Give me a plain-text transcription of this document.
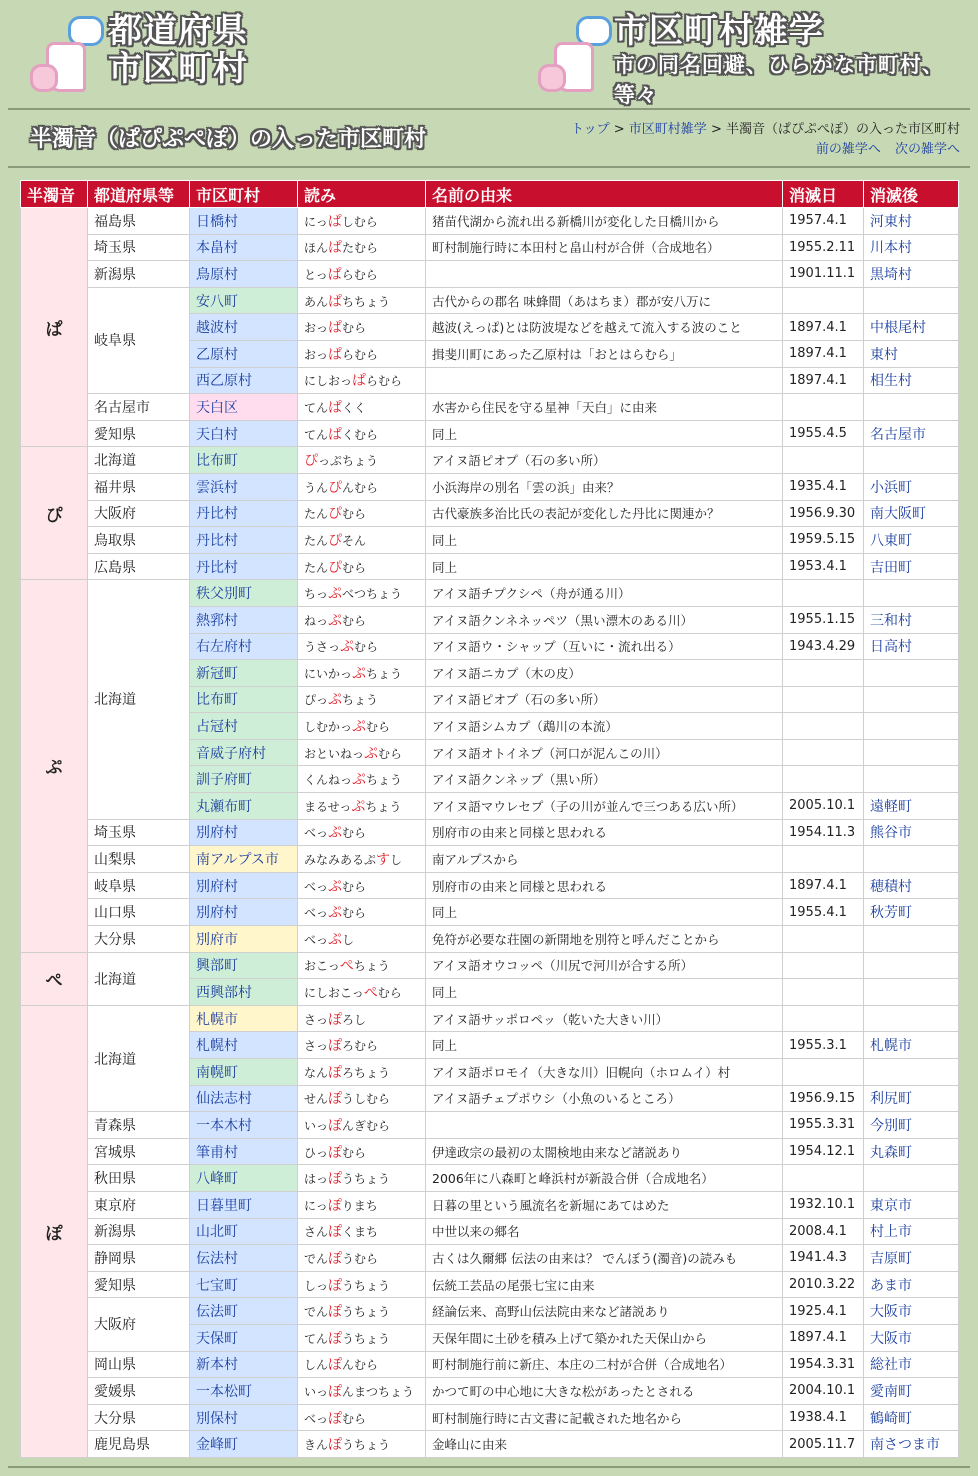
都道府県
市区町村
市区町村雑学
市の同名回避、ひらがな市町村、等々
半濁音（ぱぴぷぺぽ）の入った市区町村	トップ > 市区町村雑学 > 半濁音（ぱぴぷぺぽ）の入った市区町村
前の雑学へ 次の雑学へ
半濁音	都道府県等	市区町村	読み	名前の由来	消滅日	消滅後
ぱ	福島県	日橋村	にっぱしむら	猪苗代湖から流れ出る新橋川が変化した日橋川から	1957.4.1	河東村
	埼玉県	本畠村	ほんぱたむら	町村制施行時に本田村と畠山村が合併（合成地名）	1955.2.11	川本村
	新潟県	鳥原村	とっぱらむら		1901.11.1	黒埼村
	岐阜県	安八町	あんぱちちょう	古代からの郡名 味蜂間（あはちま）郡が安八万に		
		越波村	おっぱむら	越波(えっぱ)とは防波堤などを越えて流入する波のこと	1897.4.1	中根尾村
		乙原村	おっぱらむら	揖斐川町にあった乙原村は「おとはらむら」	1897.4.1	東村
		西乙原村	にしおっぱらむら		1897.4.1	相生村
	名古屋市	天白区	てんぱくく	水害から住民を守る星神「天白」に由来		
	愛知県	天白村	てんぱくむら	同上	1955.4.5	名古屋市
ぴ	北海道	比布町	ぴっぷちょう	アイヌ語ピオプ（石の多い所）		
	福井県	雲浜村	うんぴんむら	小浜海岸の別名「雲の浜」由来？	1935.4.1	小浜町
	大阪府	丹比村	たんぴむら	古代豪族多治比氏の表記が変化した丹比に関連か？	1956.9.30	南大阪町
	鳥取県	丹比村	たんぴそん	同上	1959.5.15	八東町
	広島県	丹比村	たんぴむら	同上	1953.4.1	吉田町
ぷ	北海道	秩父別町	ちっぷべつちょう	アイヌ語チプクシペ（舟が通る川）		
		熱郛村	ねっぷむら	アイヌ語クンネネッペツ（黒い漂木のある川）	1955.1.15	三和村
		右左府村	うさっぷむら	アイヌ語ウ・シャップ（互いに・流れ出る）	1943.4.29	日高村
		新冠町	にいかっぷちょう	アイヌ語ニカプ（木の皮）		
		比布町	ぴっぷちょう	アイヌ語ピオプ（石の多い所）		
		占冠村	しむかっぷむら	アイヌ語シムカプ（鵡川の本流）		
		音威子府村	おといねっぷむら	アイヌ語オトイネプ（河口が泥んこの川）		
		訓子府町	くんねっぷちょう	アイヌ語クンネップ（黒い所）		
		丸瀬布町	まるせっぷちょう	アイヌ語マウレセプ（子の川が並んで三つある広い所）	2005.10.1	遠軽町
	埼玉県	別府村	べっぷむら	別府市の由来と同様と思われる	1954.11.3	熊谷市
	山梨県	南アルプス市	みなみあるぷすし	南アルプスから		
	岐阜県	別府村	べっぷむら	別府市の由来と同様と思われる	1897.4.1	穂積村
	山口県	別府村	べっぷむら	同上	1955.4.1	秋芳町
	大分県	別府市	べっぷし	免符が必要な荘園の新開地を別符と呼んだことから		
ぺ	北海道	興部町	おこっぺちょう	アイヌ語オウコッペ（川尻で河川が合する所）		
		西興部村	にしおこっぺむら	同上		
ぽ	北海道	札幌市	さっぽろし	アイヌ語サッポロペッ（乾いた大きい川）		
		札幌村	さっぽろむら	同上	1955.3.1	札幌市
		南幌町	なんぽろちょう	アイヌ語ポロモイ（大きな川）旧幌向（ホロムイ）村		
		仙法志村	せんぽうしむら	アイヌ語チェプポウシ（小魚のいるところ）	1956.9.15	利尻町
	青森県	一本木村	いっぽんぎむら		1955.3.31	今別町
	宮城県	筆甫村	ひっぽむら	伊達政宗の最初の太閤検地由来など諸説あり	1954.12.1	丸森町
	秋田県	八峰町	はっぽうちょう	2006年に八森町と峰浜村が新設合併（合成地名）		
	東京府	日暮里町	にっぽりまち	日暮の里という風流名を新堀にあてはめた	1932.10.1	東京市
	新潟県	山北町	さんぽくまち	中世以来の郷名	2008.4.1	村上市
	静岡県	伝法村	でんぽうむら	古くは久爾郷 伝法の由来は？ でんぼう(濁音)の読みも	1941.4.3	吉原町
	愛知県	七宝町	しっぽうちょう	伝統工芸品の尾張七宝に由来	2010.3.22	あま市
	大阪府	伝法町	でんぽうちょう	経論伝来、高野山伝法院由来など諸説あり	1925.4.1	大阪市
		天保町	てんぽうちょう	天保年間に土砂を積み上げて築かれた天保山から	1897.4.1	大阪市
	岡山県	新本村	しんぽんむら	町村制施行前に新庄、本庄の二村が合併（合成地名）	1954.3.31	総社市
	愛媛県	一本松町	いっぽんまつちょう	かつて町の中心地に大きな松があったとされる	2004.10.1	愛南町
	大分県	別保村	べっぽむら	町村制施行時に古文書に記載された地名から	1938.4.1	鶴崎町
	鹿児島県	金峰町	きんぽうちょう	金峰山に由来	2005.11.7	南さつま市
